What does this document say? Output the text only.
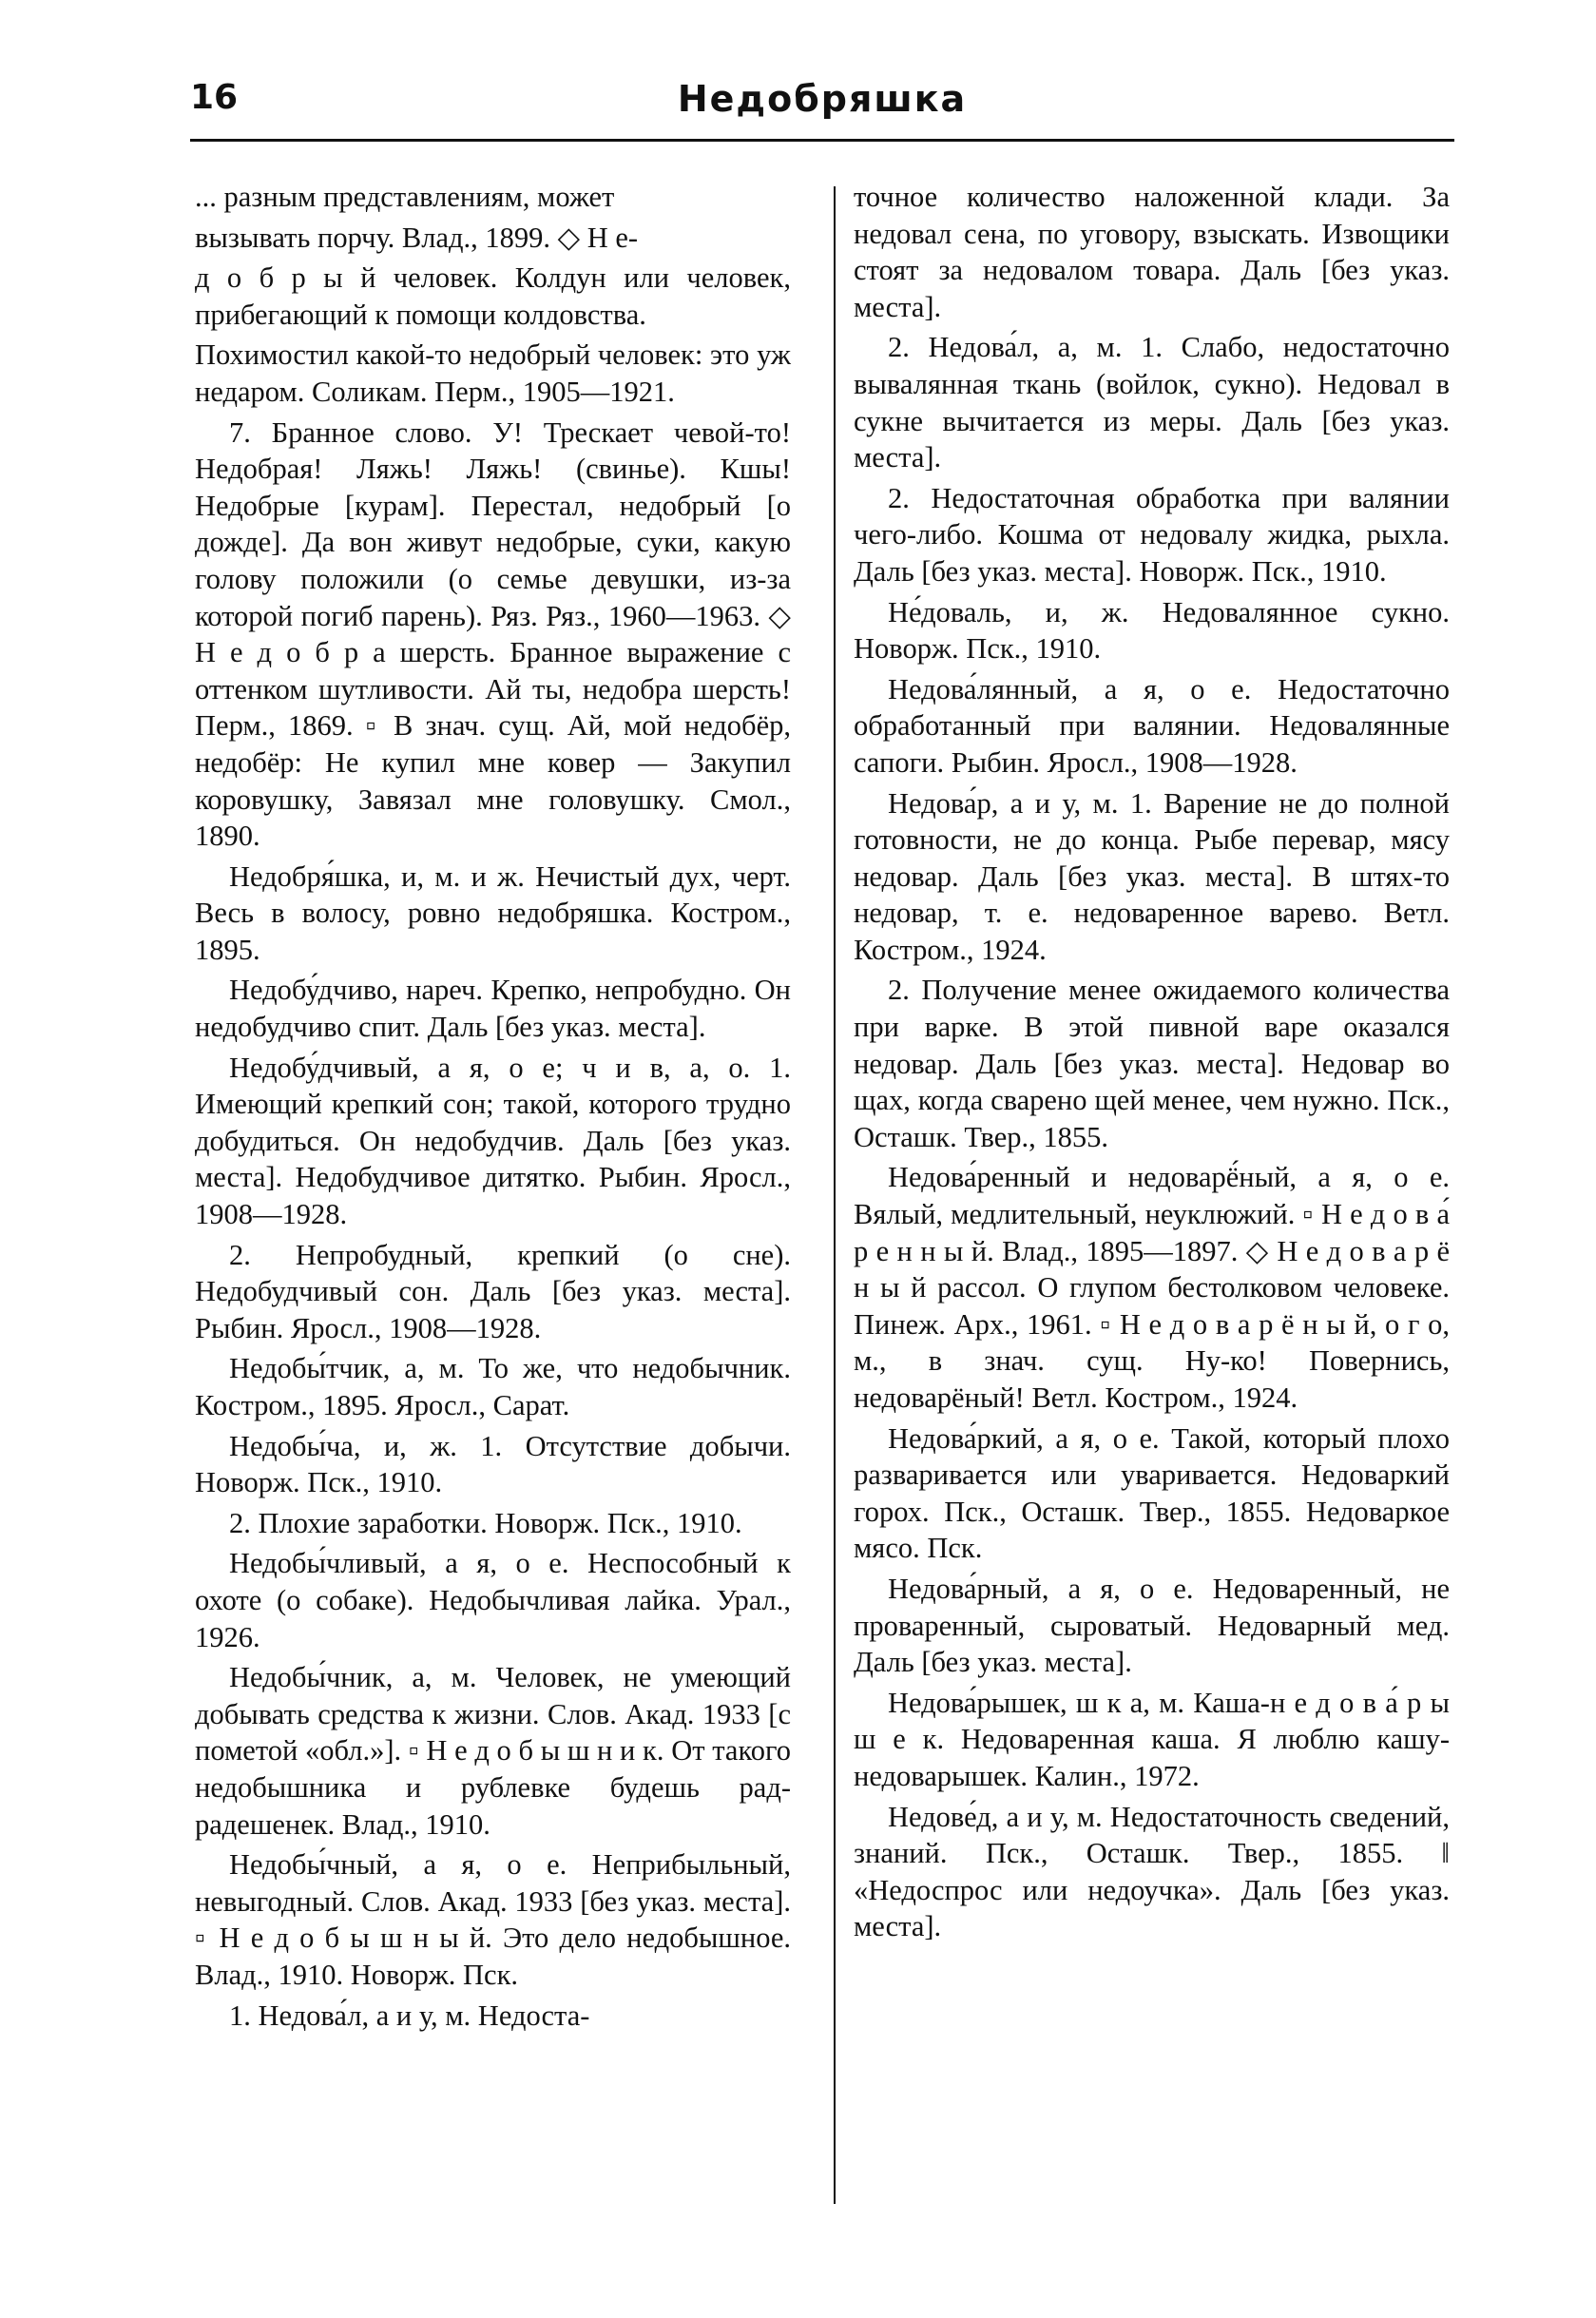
16	Недобряшка

... разным представлениям, может

вызывать порчу. Влад., 1899. ◇ Н е-

д о б р ы й человек. Колдун или человек, прибегающий к помощи колдовства.

Похимостил какой-то недобрый человек: это уж недаром. Соликам. Перм., 1905—1921.

7. Бранное слово. У! Трескает чевой-то! Недобрая! Ляжь! Ляжь! (свинье). Кшы! Недобрые [курам]. Перестал, недобрый [о дожде]. Да вон живут недобрые, суки, какую голову положили (о семье девушки, из-за которой погиб парень). Ряз. Ряз., 1960—1963. ◇ Н е д о б р а шерсть. Бранное выражение с оттенком шутливости. Ай ты, недобра шерсть! Перм., 1869. ▫ В знач. сущ. Ай, мой недобёр, недобёр: Не купил мне ковер — Закупил коровушку, Завязал мне головушку. Смол., 1890.

Недобря́шка, и, м. и ж. Нечистый дух, черт. Весь в волосу, ровно недобряшка. Костром., 1895.

Недобу́дчиво, нареч. Крепко, непробудно. Он недобудчиво спит. Даль [без указ. места].

Недобу́дчивый, а я, о е; ч и в, а, о. 1. Имеющий крепкий сон; такой, которого трудно добудиться. Он недобудчив. Даль [без указ. места]. Недобудчивое дитятко. Рыбин. Яросл., 1908—1928.

2. Непробудный, крепкий (о сне). Недобудчивый сон. Даль [без указ. места]. Рыбин. Яросл., 1908—1928.

Недобы́тчик, а, м. То же, что недобычник. Костром., 1895. Яросл., Сарат.

Недобы́ча, и, ж. 1. Отсутствие добычи. Новорж. Пск., 1910.

2. Плохие заработки. Новорж. Пск., 1910.

Недобы́чливый, а я, о е. Неспособный к охоте (о собаке). Недобычливая лайка. Урал., 1926.

Недобы́чник, а, м. Человек, не умеющий добывать средства к жизни. Слов. Акад. 1933 [с пометой «обл.»]. ▫ Н е д о б ы ш н и к. От такого недобышника и рублевке будешь рад-радешенек. Влад., 1910.

Недобы́чный, а я, о е. Неприбыльный, невыгодный. Слов. Акад. 1933 [без указ. места]. ▫ Н е д о б ы ш н ы й. Это дело недобышное. Влад., 1910. Новорж. Пск.

1. Недова́л, а и у, м. Недоста-

точное количество наложенной клади. За недовал сена, по уговору, взыскать. Извощики стоят за недовалом товара. Даль [без указ. места].

2. Недова́л, а, м. 1. Слабо, недостаточно вывалянная ткань (войлок, сукно). Недовал в сукне вычитается из меры. Даль [без указ. места].

2. Недостаточная обработка при валянии чего-либо. Кошма от недовалу жидка, рыхла. Даль [без указ. места]. Новорж. Пск., 1910.

Не́доваль, и, ж. Недовалянное сукно. Новорж. Пск., 1910.

Недова́лянный, а я, о е. Недостаточно обработанный при валянии. Недовалянные сапоги. Рыбин. Яросл., 1908—1928.

Недова́р, а и у, м. 1. Варение не до полной готовности, не до конца. Рыбе перевар, мясу недовар. Даль [без указ. места]. В штях-то недовар, т. е. недоваренное варево. Ветл. Костром., 1924.

2. Получение менее ожидаемого количества при варке. В этой пивной варе оказался недовар. Даль [без указ. места]. Недовар во щах, когда сварено щей менее, чем нужно. Пск., Осташк. Твер., 1855.

Недова́ренный и недоварё́ный, а я, о е. Вялый, медлительный, неуклюжий. ▫ Н е д о в а́ р е н н ы й. Влад., 1895—1897. ◇ Н е д о в а р ё н ы й рассол. О глупом бестолковом человеке. Пинеж. Арх., 1961. ▫ Н е д о в а р ё н ы й, о г о, м., в знач. сущ. Ну-ко! Повернись, недоварёный! Ветл. Костром., 1924.

Недова́ркий, а я, о е. Такой, который плохо разваривается или уваривается. Недоваркий горох. Пск., Осташк. Твер., 1855. Недоваркое мясо. Пск.

Недова́рный, а я, о е. Недоваренный, не проваренный, сыроватый. Недоварный мед. Даль [без указ. места].

Недова́рышек, ш к а, м. Каша-н е д о в а́ р ы ш е к. Недоваренная каша. Я люблю кашу-недоварышек. Калин., 1972.

Недове́д, а и у, м. Недостаточность сведений, знаний. Пск., Осташк. Твер., 1855. ‖ «Недоспрос или недоучка». Даль [без указ. места].
